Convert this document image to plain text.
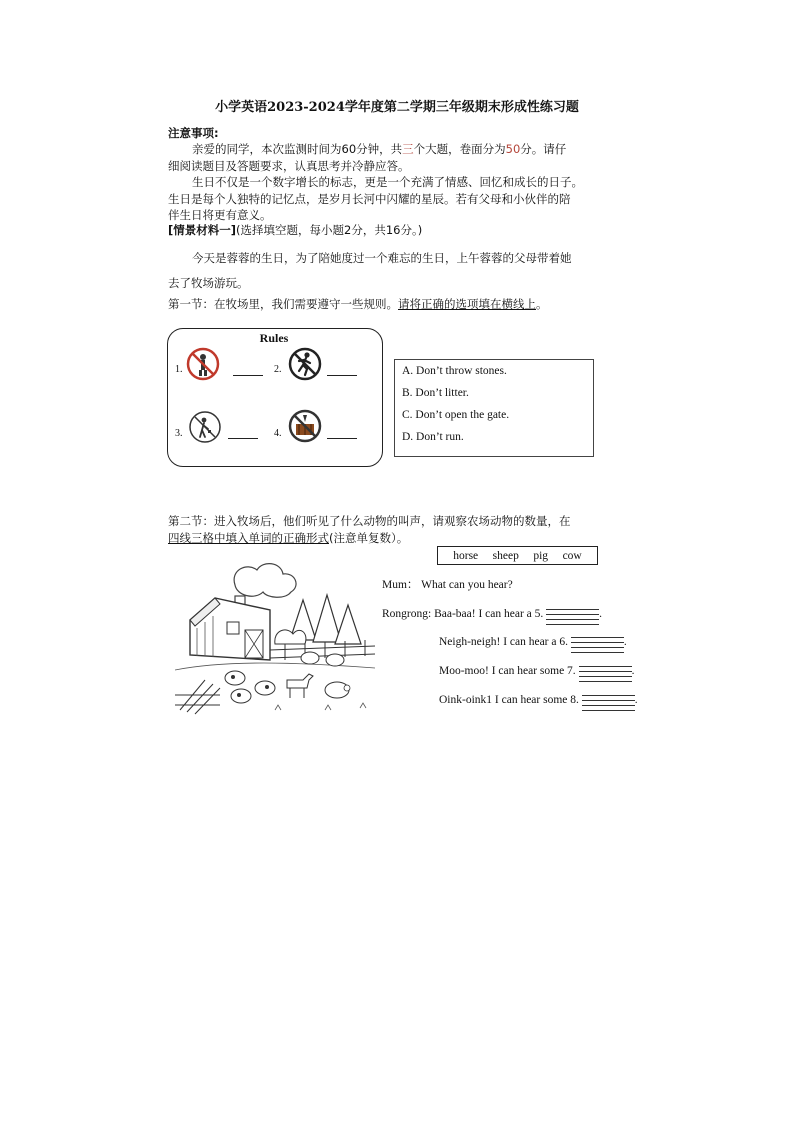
小学英语2023-2024学年度第二学期三年级期末形成性练习题
注意事项:
亲爱的同学，本次监测时间为60分钟，共三个大题，卷面分为50分。请仔
细阅读题目及答题要求，认真思考并冷静应答。
生日不仅是一个数字增长的标志，更是一个充满了情感、回忆和成长的日子。
生日是每个人独特的记忆点，是岁月长河中闪耀的星辰。若有父母和小伙伴的陪
伴生日将更有意义。
[情景材料一](选择填空题，每小题2分，共16分。)
今天是蓉蓉的生日，为了陪她度过一个难忘的生日，上午蓉蓉的父母带着她
去了牧场游玩。
第一节：在牧场里，我们需要遵守一些规则。请将正确的选项填在横线上。
Rules
1.	2.
3.	4.
A. Don’t throw stones.
B. Don’t litter.
C. Don’t open the gate.
D. Don’t run.
第二节：进入牧场后，他们听见了什么动物的叫声，请观察农场动物的数量，在
四线三格中填入单词的正确形式(注意单复数）。
horse sheep pig cow
Mum： What can you hear?
Rongrong: Baa-baa! I can hear a 5.	.
Neigh-neigh! I can hear a 6.	.
Moo-moo! I can hear some 7.	.
Oink-oink1 I can hear some 8.	.
